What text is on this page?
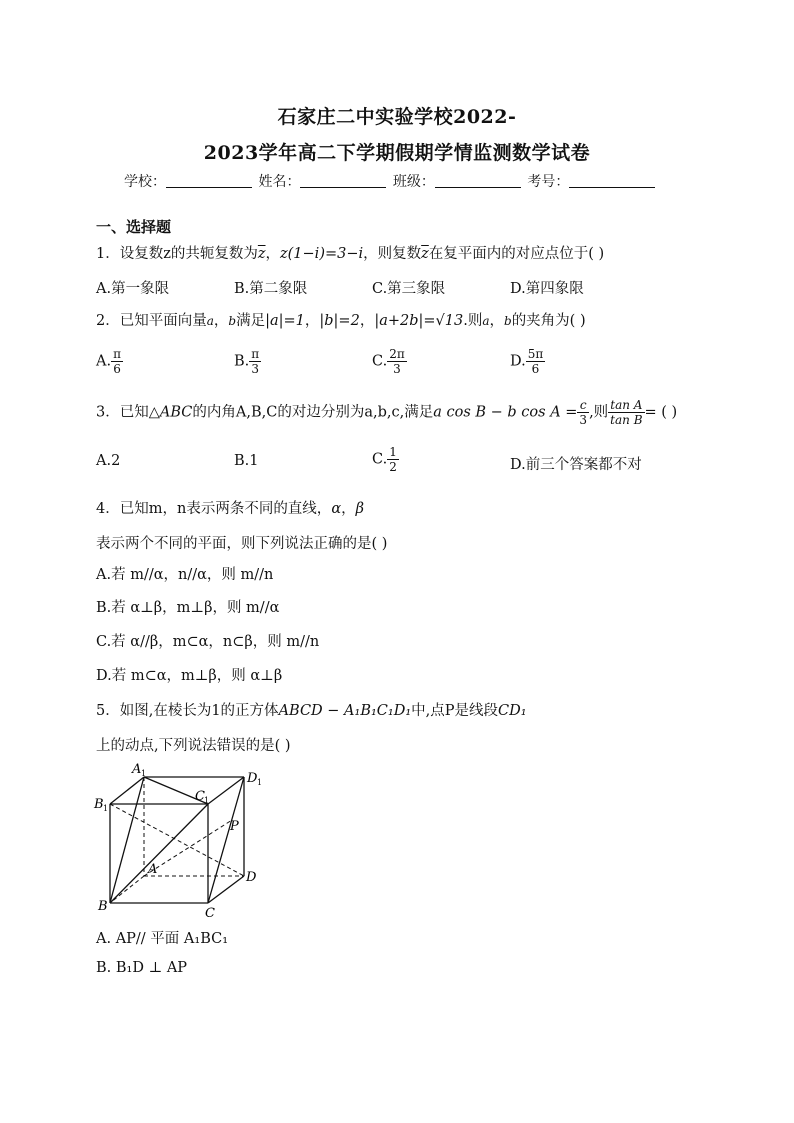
石家庄二中实验学校2022-
2023学年高二下学期假期学情监测数学试卷
学校：	姓名：	班级：	考号：
一、选择题
1．设复数z的共轭复数为$\overline{z}$，z(1−i)=3−i，则复数$\overline{z}$在复平面内的对应点位于( )
A.第一象限	B.第二象限	C.第三象限	D.第四象限
2．已知平面向量a，b满足|a|=1，|b|=2，|a+2b|=√13.则a，b的夹角为( )
A. $\frac{\pi}{6}$	B. $\frac{\pi}{3}$	C. $\frac{2\pi}{3}$	D. $\frac{5\pi}{6}$
3．已知△ABC的内角A,B,C的对边分别为a,b,c,满足a cos B − b $\cos A = \frac{c}{3}$ ,则 $\frac{\text{tan A}}{\text{tan B}}$ = ( )
A.2	B.1	C. $\frac{1}{2}$	D.前三个答案都不对
4．已知m，n表示两条不同的直线，α，β
表示两个不同的平面，则下列说法正确的是( )
A.若 m//α，n//α，则 m//n
B.若 α⊥β，m⊥β，则 m//α
C.若 α//β，m⊂α，n⊂β，则 m//n
D.若 m⊂α，m⊥β，则 α⊥β
5．如图,在棱长为1的正方体ABCD − A₁B₁C₁D₁中,点P是线段CD₁
上的动点,下列说法错误的是( )
A 1	D 1
B 1
C 1
P
A
D
B	C
A. AP// 平面 A₁BC₁
B. B₁D ⊥ AP
